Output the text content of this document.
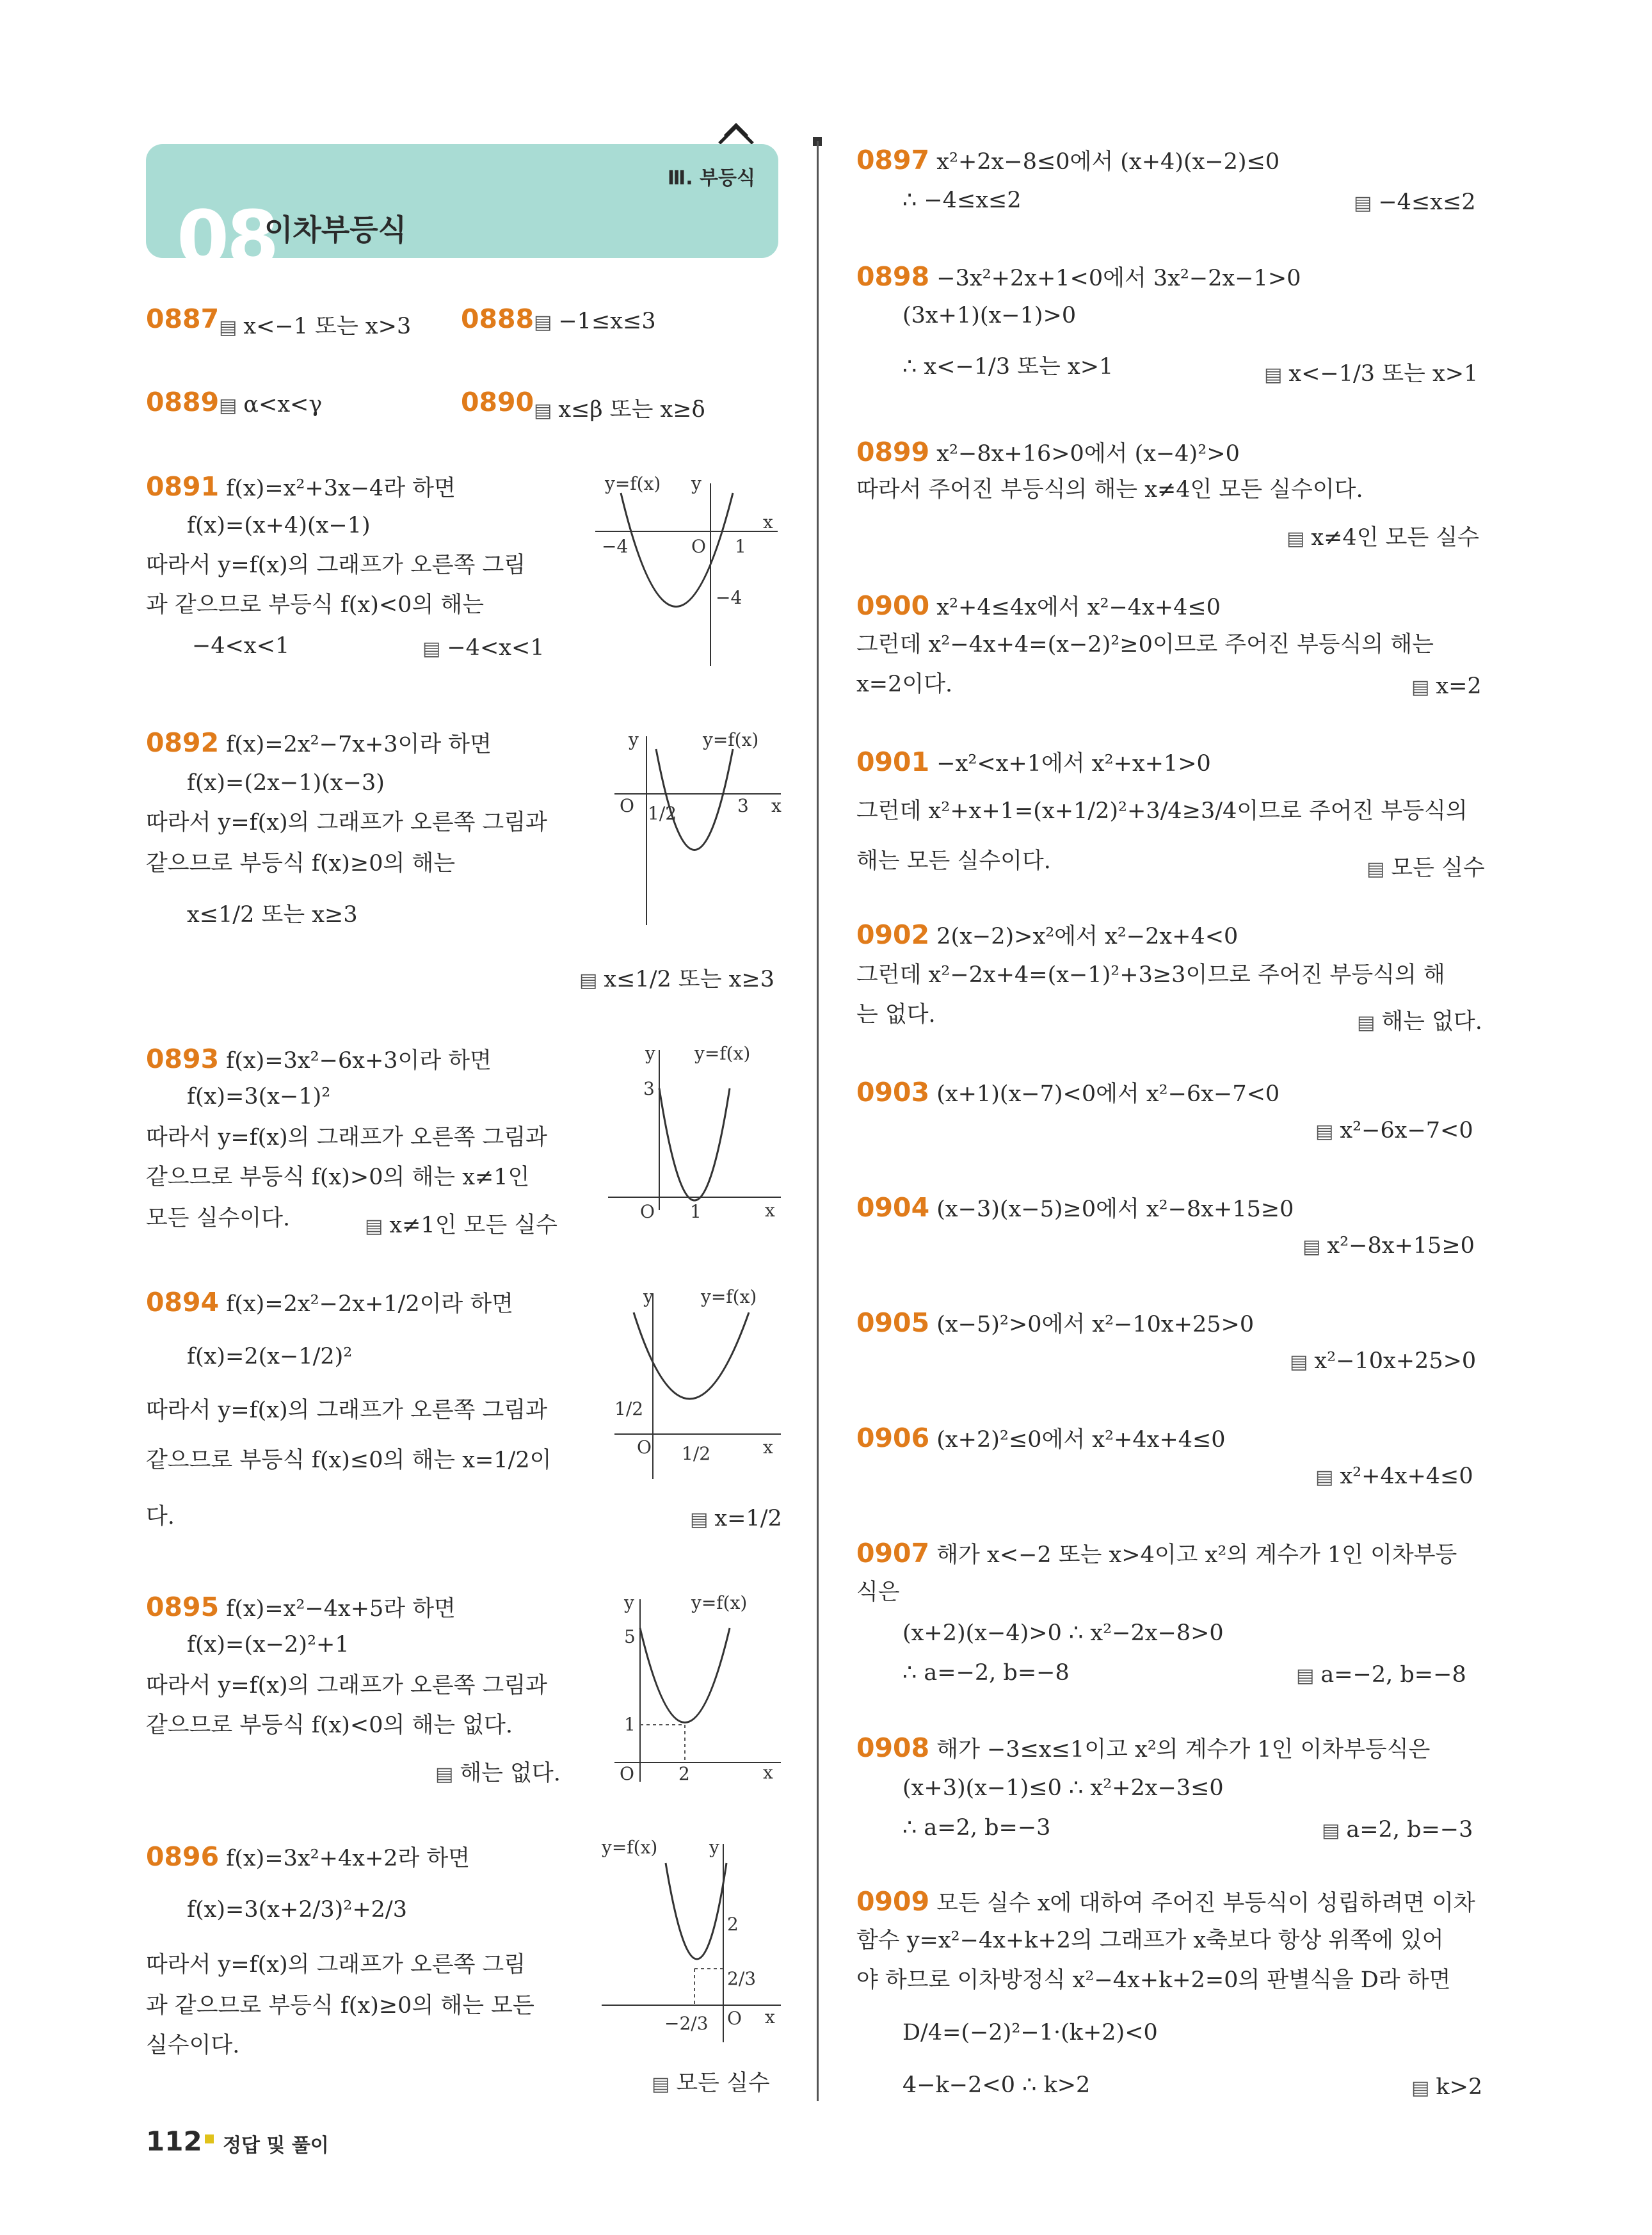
Ⅲ. 부등식
08
이차부등식
0887	▤ x<−1 또는 x>3 0888	▤ −1≤x≤3
0889	▤ α<x<γ	0890	▤ x≤β 또는 x≥δ
0891 f(x)=x²+3x−4라 하면
f(x)=(x+4)(x−1)
따라서 y=f(x)의 그래프가 오른쪽 그림
과 같으므로 부등식 f(x)<0의 해는
−4<x<1	▤ −4<x<1
y=f(x) y
x
O
−4	1
−4
0892 f(x)=2x²−7x+3이라 하면
f(x)=(2x−1)(x−3)
따라서 y=f(x)의 그래프가 오른쪽 그림과
같으므로 부등식 f(x)≥0의 해는
x≤1/2 또는 x≥3
▤ x≤1/2 또는 x≥3
y	y=f(x)
x
O 1/2	3
0893 f(x)=3x²−6x+3이라 하면
f(x)=3(x−1)²
따라서 y=f(x)의 그래프가 오른쪽 그림과
같으므로 부등식 f(x)>0의 해는 x≠1인
모든 실수이다.	▤ x≠1인 모든 실수
y y=f(x)
x
O 1
3
0894 f(x)=2x²−2x+1/2이라 하면
f(x)=2(x−1/2)²
따라서 y=f(x)의 그래프가 오른쪽 그림과
같으므로 부등식 f(x)≤0의 해는 x=1/2이
다.	▤ x=1/2
y	y=f(x)
x
O 1/2
1/2
0895 f(x)=x²−4x+5라 하면
f(x)=(x−2)²+1
따라서 y=f(x)의 그래프가 오른쪽 그림과
같으므로 부등식 f(x)<0의 해는 없다.
▤ 해는 없다.
y	y=f(x)
x
O 2
5
1
0896 f(x)=3x²+4x+2라 하면
f(x)=3(x+2/3)²+2/3
따라서 y=f(x)의 그래프가 오른쪽 그림
과 같으므로 부등식 f(x)≥0의 해는 모든
실수이다.
▤ 모든 실수
y=f(x)	y
x
O
−2/3
2
2/3
0897 x²+2x−8≤0에서 (x+4)(x−2)≤0
∴ −4≤x≤2	▤ −4≤x≤2
0898 −3x²+2x+1<0에서 3x²−2x−1>0
(3x+1)(x−1)>0
∴ x<−1/3 또는 x>1	▤ x<−1/3 또는 x>1
0899 x²−8x+16>0에서 (x−4)²>0
따라서 주어진 부등식의 해는 x≠4인 모든 실수이다.
▤ x≠4인 모든 실수
0900 x²+4≤4x에서 x²−4x+4≤0
그런데 x²−4x+4=(x−2)²≥0이므로 주어진 부등식의 해는
x=2이다.	▤ x=2
0901 −x²<x+1에서 x²+x+1>0
그런데 x²+x+1=(x+1/2)²+3/4≥3/4이므로 주어진 부등식의
해는 모든 실수이다.	▤ 모든 실수
0902 2(x−2)>x²에서 x²−2x+4<0
그런데 x²−2x+4=(x−1)²+3≥3이므로 주어진 부등식의 해
는 없다.	▤ 해는 없다.
0903 (x+1)(x−7)<0에서 x²−6x−7<0
▤ x²−6x−7<0
0904 (x−3)(x−5)≥0에서 x²−8x+15≥0
▤ x²−8x+15≥0
0905 (x−5)²>0에서 x²−10x+25>0
▤ x²−10x+25>0
0906 (x+2)²≤0에서 x²+4x+4≤0
▤ x²+4x+4≤0
0907 해가 x<−2 또는 x>4이고 x²의 계수가 1인 이차부등
식은
(x+2)(x−4)>0 ∴ x²−2x−8>0
∴ a=−2, b=−8	▤ a=−2, b=−8
0908 해가 −3≤x≤1이고 x²의 계수가 1인 이차부등식은
(x+3)(x−1)≤0 ∴ x²+2x−3≤0
∴ a=2, b=−3	▤ a=2, b=−3
0909 모든 실수 x에 대하여 주어진 부등식이 성립하려면 이차
함수 y=x²−4x+k+2의 그래프가 x축보다 항상 위쪽에 있어
야 하므로 이차방정식 x²−4x+k+2=0의 판별식을 D라 하면
D/4=(−2)²−1·(k+2)<0
4−k−2<0 ∴ k>2	▤ k>2
112 정답 및 풀이
